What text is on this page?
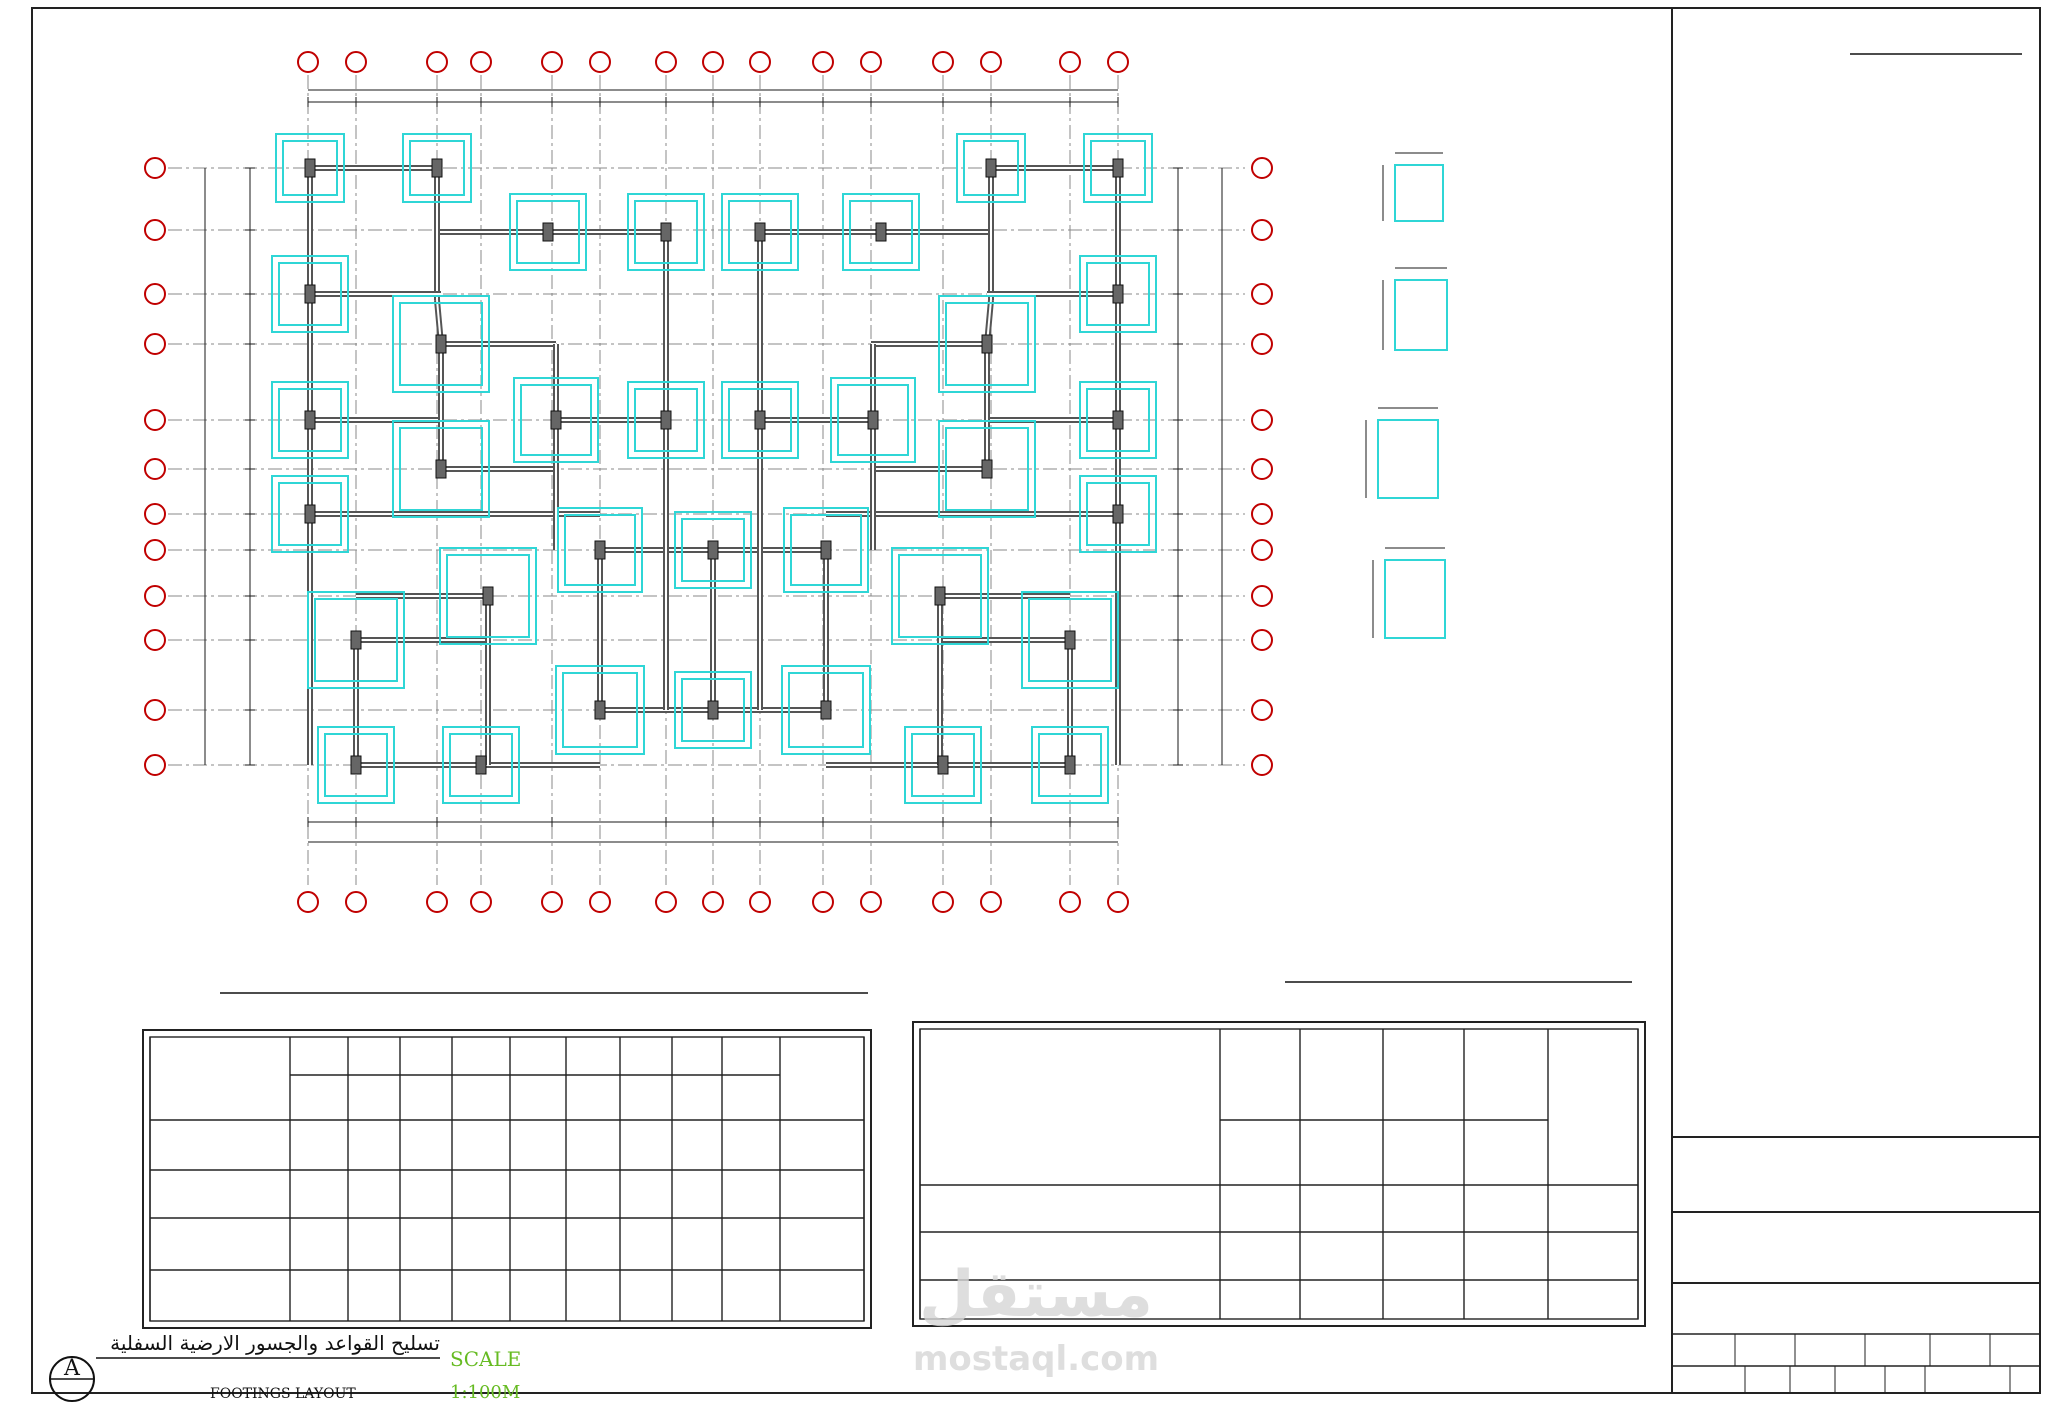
A
تسليح القواعد والجسور الارضية السفلية
FOOTINGS LAYOUT
SCALE
1:100M
مستقل
mostaql.com
